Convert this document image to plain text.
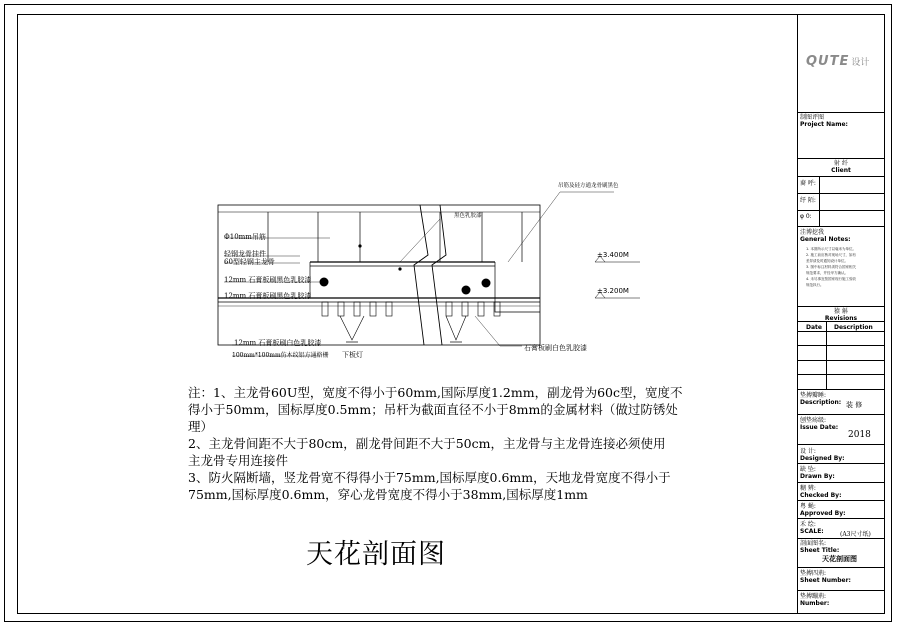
QUTE 设计
制图评图
Project Name:
射 纤
Client
裔 呼:
纾 陌:
φ 0:
洼博挖我
General Notes:
1. 本图所示尺寸以毫米为单位。
2. 施工前应核对现场尺寸，如有
差异请及时通知设计单位。
3. 图中标注材料须符合国家相关
规范要求，并经甲方确认。
4. 未尽事宜按国家现行施工验收
规范执行。
猿 斛
Revisions
Date Description
垫搏瓣睡:
Description: 装 修
刨垫疡级:
Issue Date:
2018
设 计:
Designed By:
缺 坠:
Drawn By:
糊 辨:
Checked By:
粤 蝇:
Approved By:
禾 绘:
SCALE:	(A3尺寸纸)
剖面图名:
Sheet Title:
天花剖面图
垫搏四荊:
Sheet Number:
垫搏蹦荊:
Number:
吊筋及硅方通龙骨刷黑色
黑色乳胶漆
Φ10mm吊筋
轻钢龙骨挂件
60型轻钢主龙骨
12mm 石膏板刷黑色乳胶漆
12mm 石膏板刷黑色乳胶漆
±3.400M
±3.200M
12mm 石膏板刷白色乳胶漆
100mm*100mm仿木纹铝方通格栅 下板灯
石膏板刷白色乳胶漆
注：1、主龙骨60U型，宽度不得小于60mm,国际厚度1.2mm，副龙骨为60c型，宽度不
得小于50mm，国标厚度0.5mm；吊杆为截面直径不小于8mm的金属材料（做过防锈处
理）
2、主龙骨间距不大于80cm，副龙骨间距不大于50cm，主龙骨与主龙骨连接必须使用
主龙骨专用连接件
3、防火隔断墙，竖龙骨宽不得得小于75mm,国标厚度0.6mm，天地龙骨宽度不得小于
75mm,国标厚度0.6mm，穿心龙骨宽度不得小于38mm,国标厚度1mm
天花剖面图
